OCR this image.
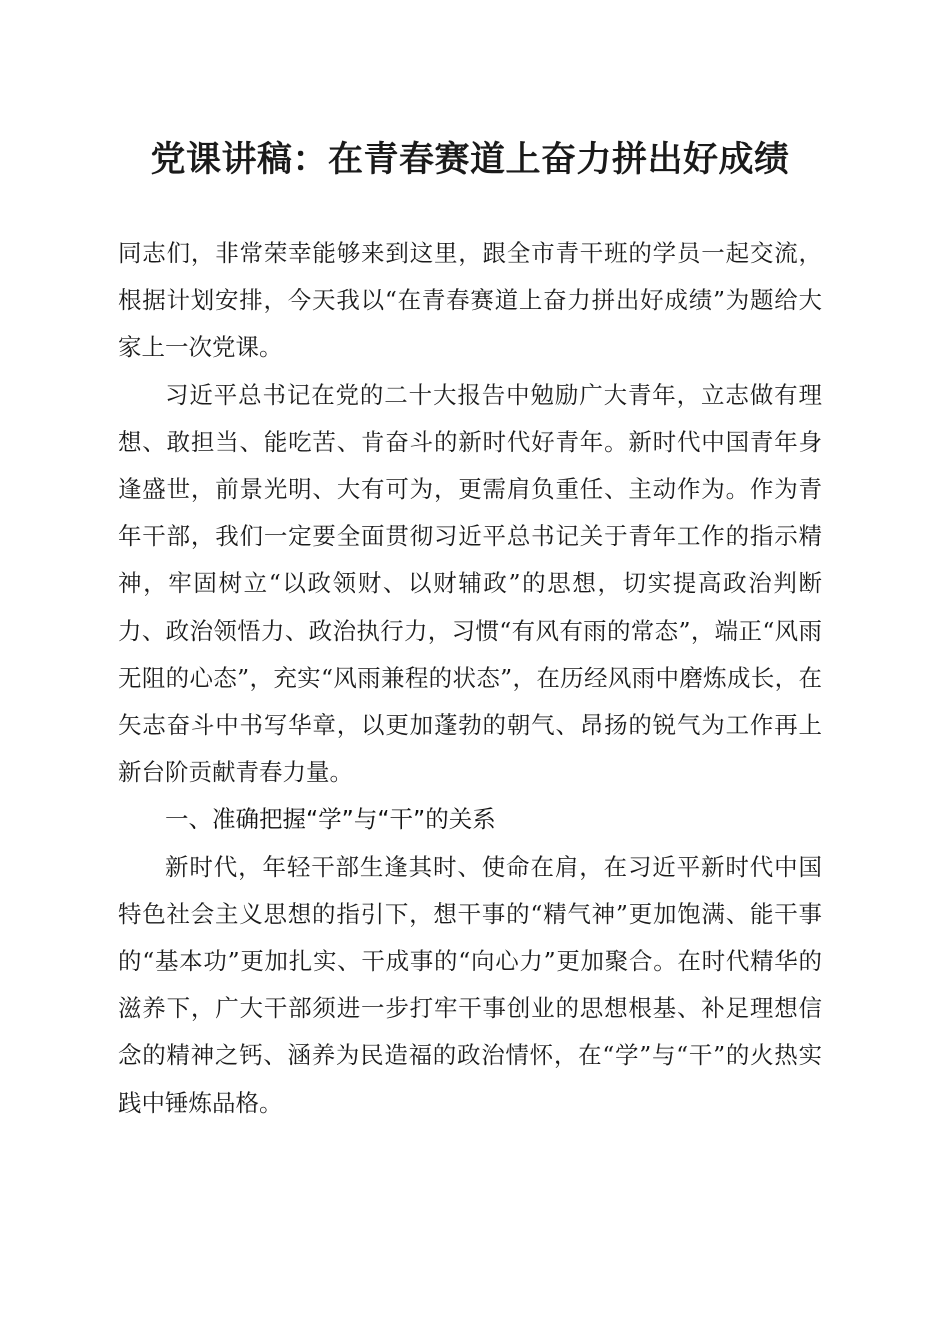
党课讲稿：在青春赛道上奋力拼出好成绩

同志们，非常荣幸能够来到这里，跟全市青干班的学员一起交流，根据计划安排，今天我以“在青春赛道上奋力拼出好成绩”为题给大家上一次党课。

习近平总书记在党的二十大报告中勉励广大青年，立志做有理想、敢担当、能吃苦、肯奋斗的新时代好青年。新时代中国青年身逢盛世，前景光明、大有可为，更需肩负重任、主动作为。作为青年干部，我们一定要全面贯彻习近平总书记关于青年工作的指示精神，牢固树立“以政领财、以财辅政”的思想，切实提高政治判断力、政治领悟力、政治执行力，习惯“有风有雨的常态”，端正“风雨无阻的心态”，充实“风雨兼程的状态”，在历经风雨中磨炼成长，在矢志奋斗中书写华章，以更加蓬勃的朝气、昂扬的锐气为工作再上新台阶贡献青春力量。

一、准确把握“学”与“干”的关系

新时代，年轻干部生逢其时、使命在肩，在习近平新时代中国特色社会主义思想的指引下，想干事的“精气神”更加饱满、能干事的“基本功”更加扎实、干成事的“向心力”更加聚合。在时代精华的滋养下，广大干部须进一步打牢干事创业的思想根基、补足理想信念的精神之钙、涵养为民造福的政治情怀，在“学”与“干”的火热实践中锤炼品格。
